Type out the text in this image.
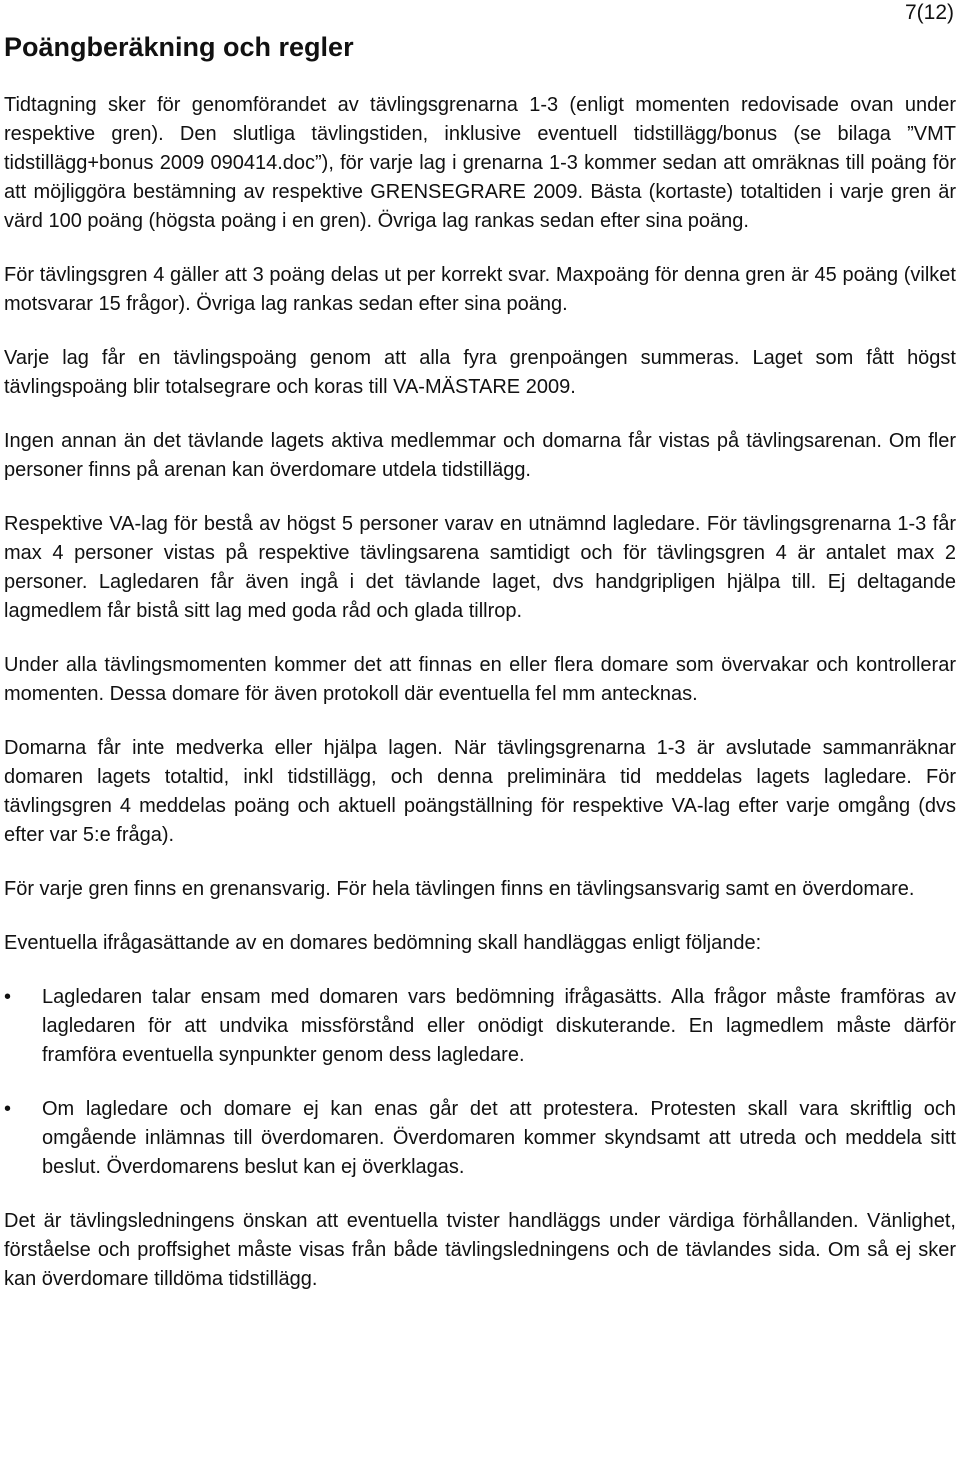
7(12)
Poängberäkning och regler

Tidtagning sker för genomförandet av tävlingsgrenarna 1-3 (enligt momenten redovisade ovan under respektive gren). Den slutliga tävlingstiden, inklusive eventuell tidstillägg/bonus (se bilaga ”VMT tidstillägg+bonus 2009 090414.doc”), för varje lag i grenarna 1-3 kommer sedan att omräknas till poäng för att möjliggöra bestämning av respektive GRENSEGRARE 2009. Bästa (kortaste) totaltiden i varje gren är värd 100 poäng (högsta poäng i en gren). Övriga lag rankas sedan efter sina poäng.

För tävlingsgren 4 gäller att 3 poäng delas ut per korrekt svar. Maxpoäng för denna gren är 45 poäng (vilket motsvarar 15 frågor). Övriga lag rankas sedan efter sina poäng.

Varje lag får en tävlingspoäng genom att alla fyra grenpoängen summeras. Laget som fått högst tävlingspoäng blir totalsegrare och koras till VA-MÄSTARE 2009.

Ingen annan än det tävlande lagets aktiva medlemmar och domarna får vistas på tävlingsarenan. Om fler personer finns på arenan kan överdomare utdela tidstillägg.

Respektive VA-lag för bestå av högst 5 personer varav en utnämnd lagledare. För tävlingsgrenarna 1-3 får max 4 personer vistas på respektive tävlingsarena samtidigt och för tävlingsgren 4 är antalet max 2 personer. Lagledaren får även ingå i det tävlande laget, dvs handgripligen hjälpa till. Ej deltagande lagmedlem får bistå sitt lag med goda råd och glada tillrop.

Under alla tävlingsmomenten kommer det att finnas en eller flera domare som övervakar och kontrollerar momenten. Dessa domare för även protokoll där eventuella fel mm antecknas.

Domarna får inte medverka eller hjälpa lagen. När tävlingsgrenarna 1-3 är avslutade sammanräknar domaren lagets totaltid, inkl tidstillägg, och denna preliminära tid meddelas lagets lagledare. För tävlingsgren 4 meddelas poäng och aktuell poängställning för respektive VA-lag efter varje omgång (dvs efter var 5:e fråga).

För varje gren finns en grenansvarig. För hela tävlingen finns en tävlingsansvarig samt en överdomare.

Eventuella ifrågasättande av en domares bedömning skall handläggas enligt följande:

•	Lagledaren talar ensam med domaren vars bedömning ifrågasätts. Alla frågor måste framföras av lagledaren för att undvika missförstånd eller onödigt diskuterande. En lagmedlem måste därför framföra eventuella synpunkter genom dess lagledare.
•	Om lagledare och domare ej kan enas går det att protestera. Protesten skall vara skriftlig och omgående inlämnas till överdomaren. Överdomaren kommer skyndsamt att utreda och meddela sitt beslut. Överdomarens beslut kan ej överklagas.

Det är tävlingsledningens önskan att eventuella tvister handläggs under värdiga förhållanden. Vänlighet, förståelse och proffsighet måste visas från både tävlingsledningens och de tävlandes sida. Om så ej sker kan överdomare tilldöma tidstillägg.
